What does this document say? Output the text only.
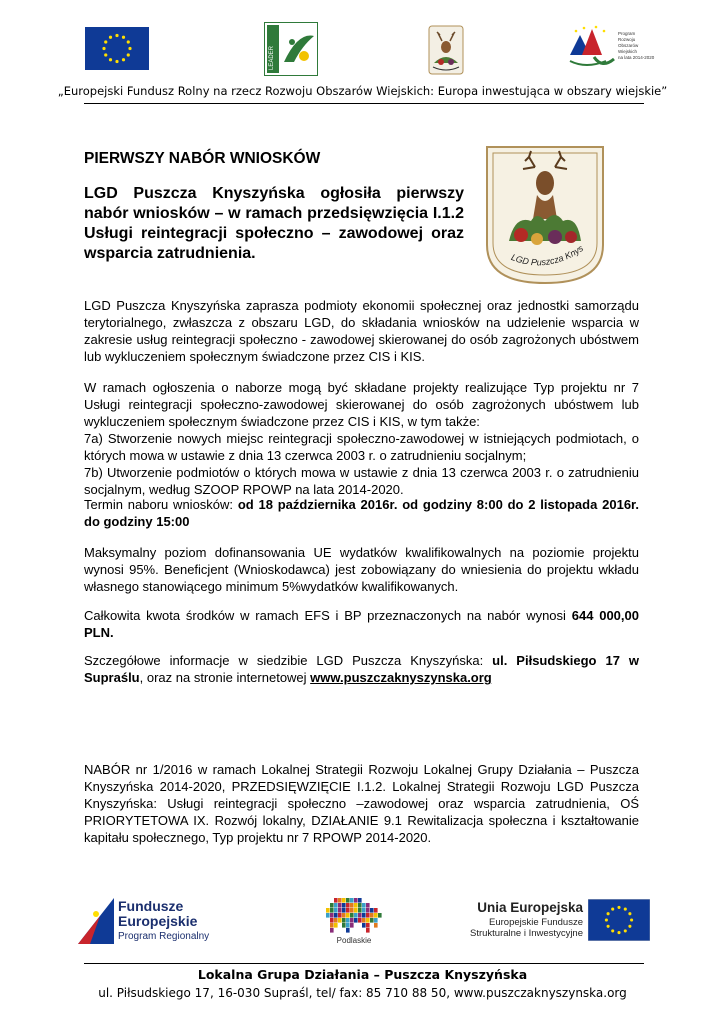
LEADER
Program
Rozwoju
Obszarów
Wiejskich
na lata 2014-2020
„Europejski Fundusz Rolny na rzecz Rozwoju Obszarów Wiejskich: Europa inwestująca w obszary wiejskie”
PIERWSZY NABÓR WNIOSKÓW
LGD Puszcza Knyszyńska ogłosiła pierwszy nabór wniosków – w ramach przedsięwzięcia I.1.2 Usługi reintegracji społeczno – zawodowej oraz wsparcia zatrudnienia.	LGD Puszcza Knys
LGD Puszcza Knyszyńska zaprasza podmioty ekonomii społecznej oraz jednostki samorządu terytorialnego, zwłaszcza z obszaru LGD, do składania wniosków na udzielenie wsparcia w zakresie usług reintegracji społeczno - zawodowej skierowanej do osób zagrożonych ubóstwem lub wykluczeniem społecznym świadczone przez CIS i KIS.

W ramach ogłoszenia o naborze mogą być składane projekty realizujące Typ projektu nr 7 Usługi reintegracji społeczno-zawodowej skierowanej do osób zagrożonych ubóstwem lub wykluczeniem społecznym świadczone przez CIS i KIS, w tym także:

7a) Stworzenie nowych miejsc reintegracji społeczno-zawodowej w istniejących podmiotach, o których mowa w ustawie z dnia 13 czerwca 2003 r. o zatrudnieniu socjalnym;

7b) Utworzenie podmiotów o których mowa w ustawie z dnia 13 czerwca 2003 r. o zatrudnieniu socjalnym, według SZOOP RPOWP na lata 2014-2020.

Termin naboru wniosków: od 18 października 2016r. od godziny 8:00 do 2 listopada 2016r. do godziny 15:00
Maksymalny poziom dofinansowania UE wydatków kwalifikowalnych na poziomie projektu wynosi 95%. Beneficjent (Wnioskodawca) jest zobowiązany do wniesienia do projektu wkładu własnego stanowiącego minimum 5%wydatków kwalifikowanych.
Całkowita kwota środków w ramach EFS i BP przeznaczonych na nabór wynosi 644 000,00 PLN.
Szczegółowe informacje w siedzibie LGD Puszcza Knyszyńska: ul. Piłsudskiego 17 w Supraślu, oraz na stronie internetowej www.puszczaknyszynska.org
NABÓR nr 1/2016 w ramach Lokalnej Strategii Rozwoju Lokalnej Grupy Działania – Puszcza Knyszyńska 2014-2020, PRZEDSIĘWZIĘCIE I.1.2. Lokalnej Strategii Rozwoju LGD Puszcza Knyszyńska: Usługi reintegracji społeczno –zawodowej oraz wsparcia zatrudnienia, OŚ PRIORYTETOWA IX. Rozwój lokalny, DZIAŁANIE 9.1 Rewitalizacja społeczna i kształtowanie kapitału społecznego, Typ projektu nr 7 RPOWP 2014-2020.
Fundusze
Europejskie
Program Regionalny	Podlaskie
Unia Europejska
Europejskie Fundusze
Strukturalne i Inwestycyjne
Lokalna Grupa Działania – Puszcza Knyszyńska
ul. Piłsudskiego 17, 16-030 Supraśl, tel/ fax: 85 710 88 50, www.puszczaknyszynska.org
